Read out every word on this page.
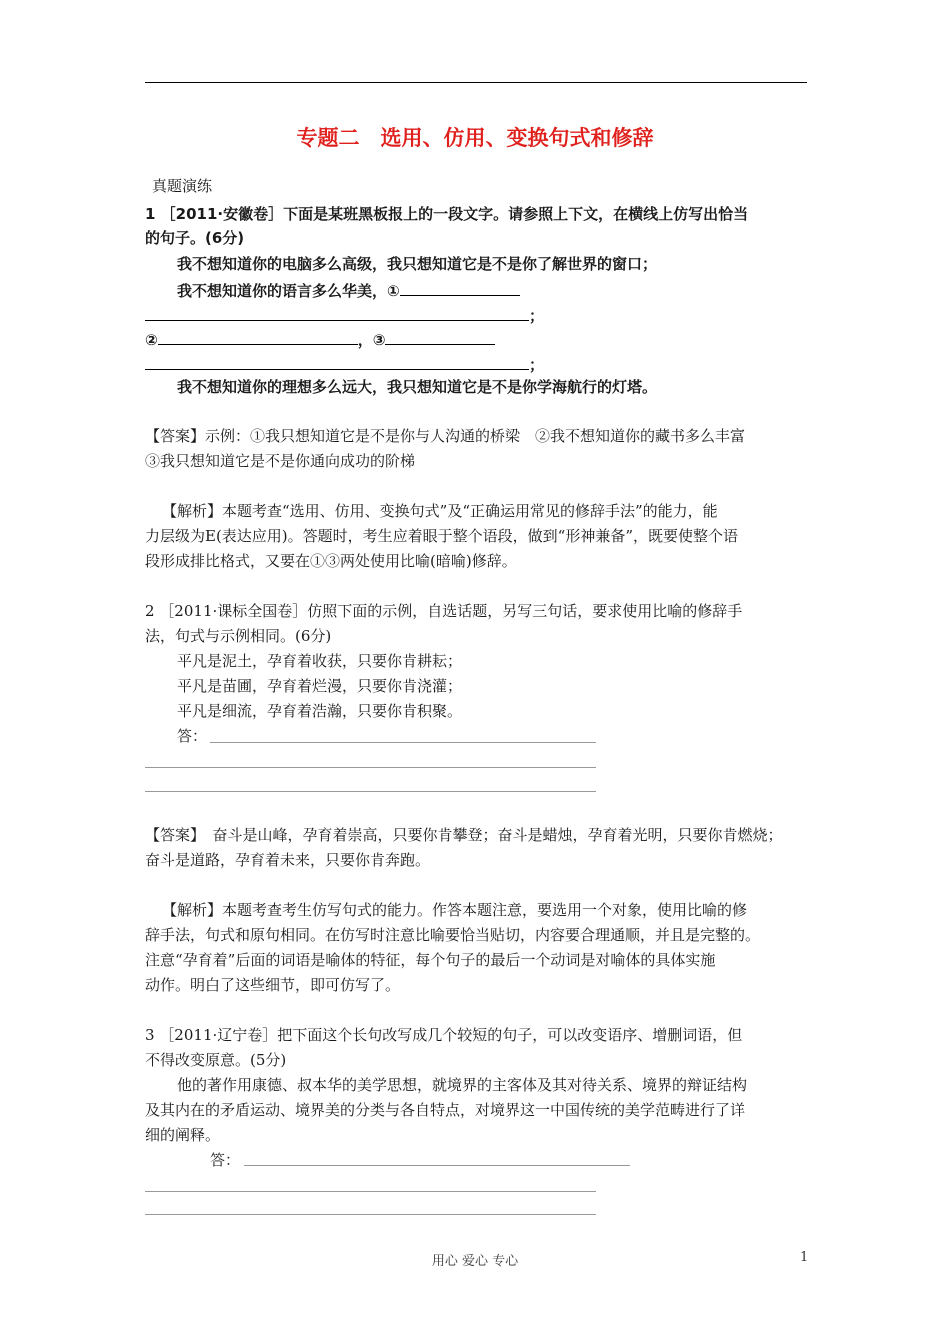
专题二　选用、仿用、变换句式和修辞
真题演练
1 ［2011·安徽卷］下面是某班黑板报上的一段文字。请参照上下文，在横线上仿写出恰当
的句子。(6分)
我不想知道你的电脑多么高级，我只想知道它是不是你了解世界的窗口；
我不想知道你的语言多么华美，①
；
②	，③
；
我不想知道你的理想多么远大，我只想知道它是不是你学海航行的灯塔。
【答案】示例：①我只想知道它是不是你与人沟通的桥梁　②我不想知道你的藏书多么丰富
③我只想知道它是不是你通向成功的阶梯
【解析】本题考查“选用、仿用、变换句式”及“正确运用常见的修辞手法”的能力，能
力层级为E(表达应用)。答题时，考生应着眼于整个语段，做到“形神兼备”，既要使整个语
段形成排比格式，又要在①③两处使用比喻(暗喻)修辞。
2 ［2011·课标全国卷］仿照下面的示例，自选话题，另写三句话，要求使用比喻的修辞手
法，句式与示例相同。(6分)
平凡是泥土，孕育着收获，只要你肯耕耘；
平凡是苗圃，孕育着烂漫，只要你肯浇灌；
平凡是细流，孕育着浩瀚，只要你肯积聚。
答：
【答案】　奋斗是山峰，孕育着崇高，只要你肯攀登；奋斗是蜡烛，孕育着光明，只要你肯燃烧；
奋斗是道路，孕育着未来，只要你肯奔跑。
【解析】本题考查考生仿写句式的能力。作答本题注意，要选用一个对象，使用比喻的修
辞手法，句式和原句相同。在仿写时注意比喻要恰当贴切，内容要合理通顺，并且是完整的。
注意“孕育着”后面的词语是喻体的特征，每个句子的最后一个动词是对喻体的具体实施
动作。明白了这些细节，即可仿写了。
3 ［2011·辽宁卷］把下面这个长句改写成几个较短的句子，可以改变语序、增删词语，但
不得改变原意。(5分)
他的著作用康德、叔本华的美学思想，就境界的主客体及其对待关系、境界的辩证结构
及其内在的矛盾运动、境界美的分类与各自特点，对境界这一中国传统的美学范畴进行了详
细的阐释。
答：
用心 爱心 专心	1
